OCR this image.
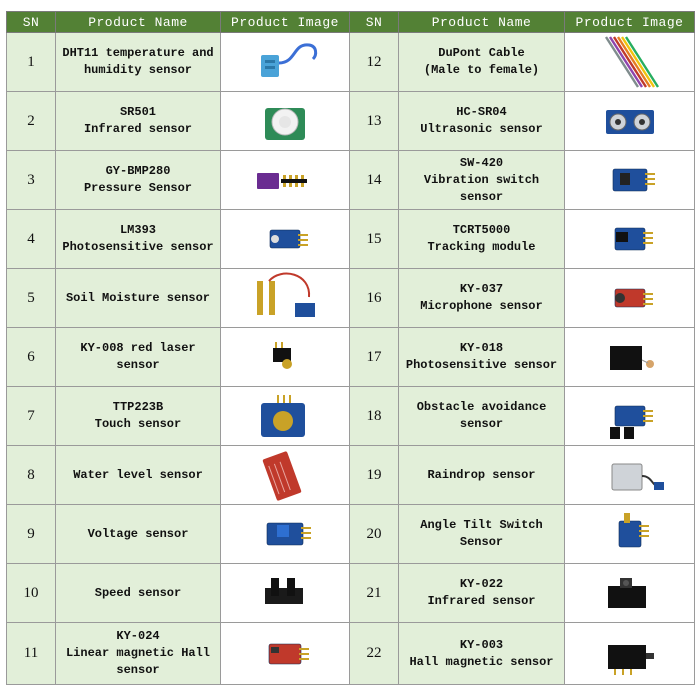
SN	Product Name	Product Image	SN	Product Name	Product Image
1	DHT11 temperature and
humidity sensor		12	DuPont Cable
(Male to female)

2	SR501
Infrared sensor		13	HC-SR04
Ultrasonic sensor

3	GY-BMP280
Pressure Sensor		14	SW-420
Vibration switch
sensor

4	LM393
Photosensitive sensor		15	TCRT5000
Tracking module

5	Soil Moisture sensor		16	KY-037
Microphone sensor

6	KY-008 red laser
sensor		17	KY-018
Photosensitive sensor

7	TTP223B
Touch sensor		18	Obstacle avoidance
sensor

8	Water level sensor		19	Raindrop sensor

9	Voltage sensor		20	Angle Tilt Switch
Sensor

10	Speed sensor		21	KY-022
Infrared sensor

11	KY-024
Linear magnetic Hall
sensor		22	KY-003
Hall magnetic sensor
